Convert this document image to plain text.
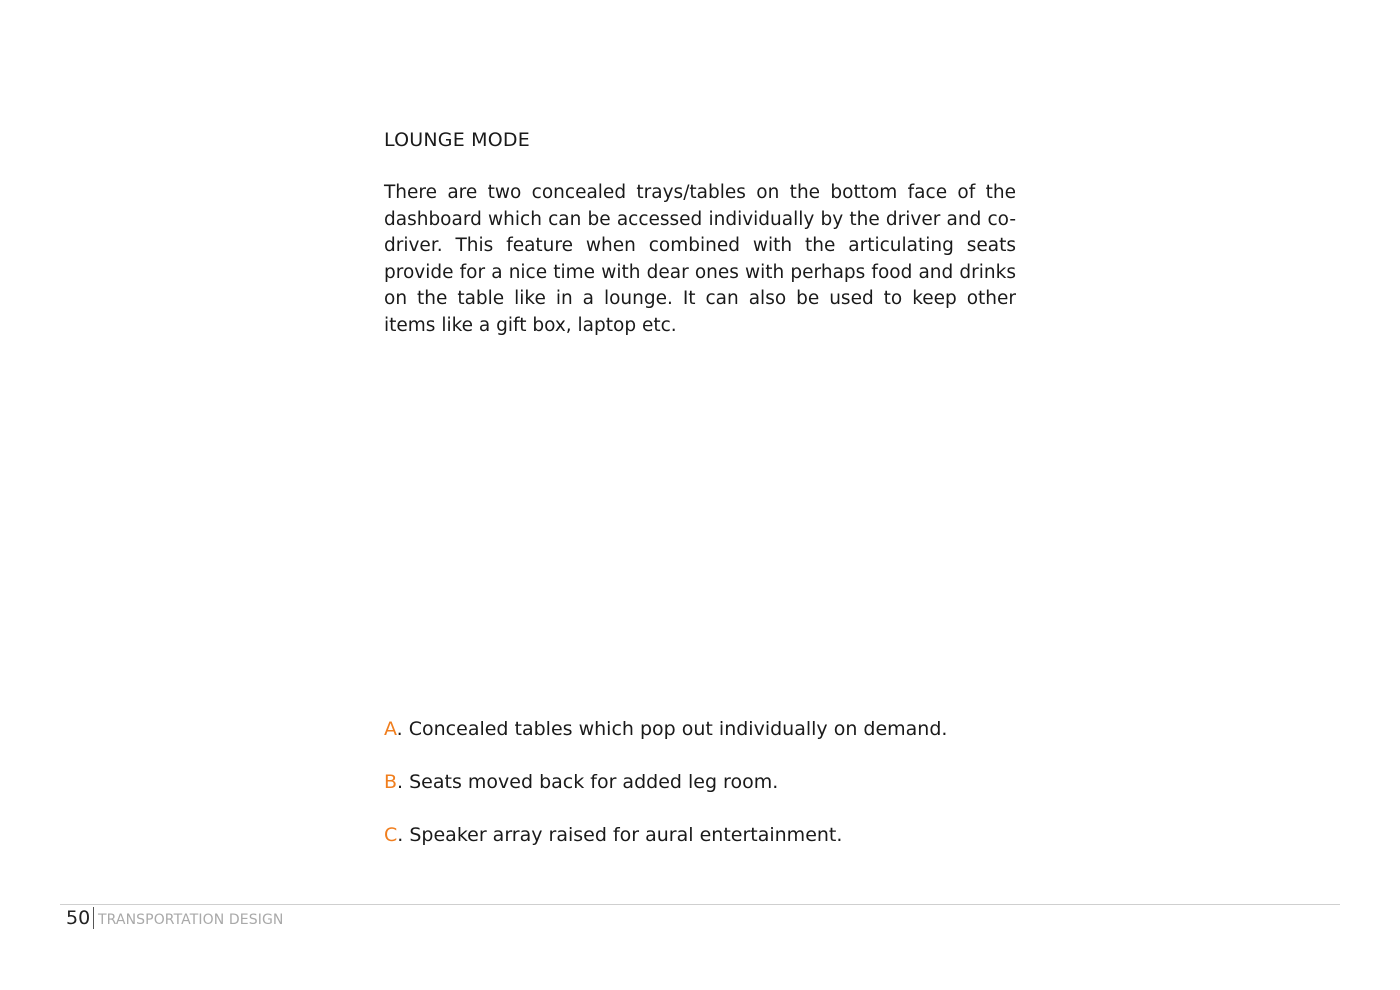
LOUNGE MODE

There are two concealed trays/tables on the bottom face of the dashboard which can be accessed individually by the driver and co-driver. This feature when combined with the articulating seats provide for a nice time with dear ones with perhaps food and drinks on the table like in a lounge. It can also be used to keep other items like a gift box, laptop etc.

A. Concealed tables which pop out individually on demand.
B. Seats moved back for added leg room.
C. Speaker array raised for aural entertainment.
50 TRANSPORTATION DESIGN
